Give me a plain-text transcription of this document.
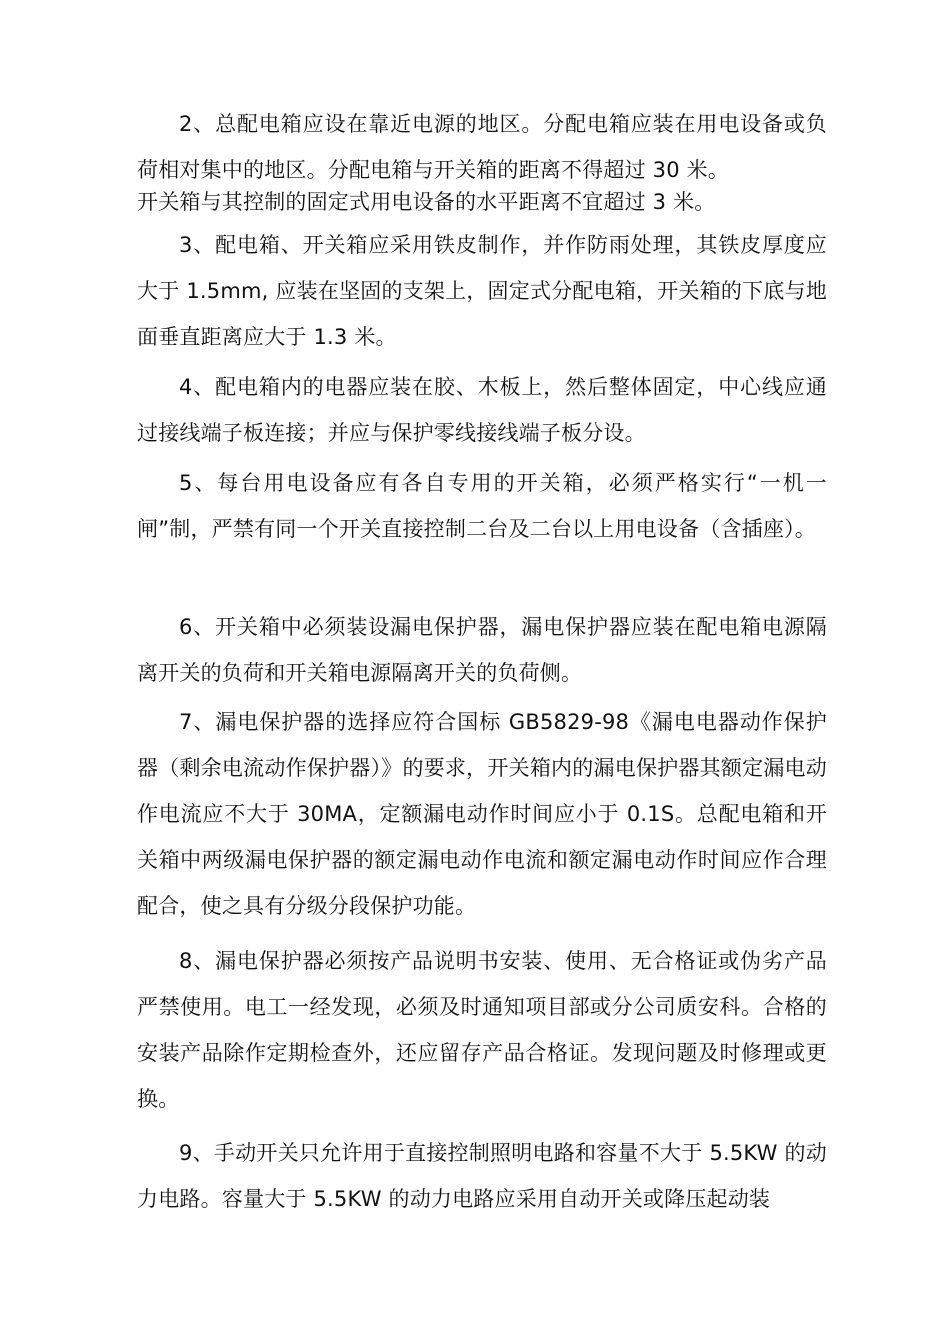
2、总配电箱应设在靠近电源的地区。分配电箱应装在用电设备或负荷相对集中的地区。分配电箱与开关箱的距离不得超过 30 米。

开关箱与其控制的固定式用电设备的水平距离不宜超过 3 米。

3、配电箱、开关箱应采用铁皮制作，并作防雨处理，其铁皮厚度应大于 1.5mm, 应装在坚固的支架上，固定式分配电箱，开关箱的下底与地面垂直距离应大于 1.3 米。

4、配电箱内的电器应装在胶、木板上，然后整体固定，中心线应通过接线端子板连接；并应与保护零线接线端子板分设。

5、每台用电设备应有各自专用的开关箱，必须严格实行“一机一闸”制，严禁有同一个开关直接控制二台及二台以上用电设备（含插座）。

6、开关箱中必须装设漏电保护器，漏电保护器应装在配电箱电源隔离开关的负荷和开关箱电源隔离开关的负荷侧。

7、漏电保护器的选择应符合国标 GB5829-98《漏电电器动作保护器（剩余电流动作保护器）》的要求，开关箱内的漏电保护器其额定漏电动作电流应不大于 30MA，定额漏电动作时间应小于 0.1S。总配电箱和开关箱中两级漏电保护器的额定漏电动作电流和额定漏电动作时间应作合理配合，使之具有分级分段保护功能。

8、漏电保护器必须按产品说明书安装、使用、无合格证或伪劣产品严禁使用。电工一经发现，必须及时通知项目部或分公司质安科。合格的安装产品除作定期检查外，还应留存产品合格证。发现问题及时修理或更换。

9、手动开关只允许用于直接控制照明电路和容量不大于 5.5KW 的动力电路。容量大于 5.5KW 的动力电路应采用自动开关或降压起动装
